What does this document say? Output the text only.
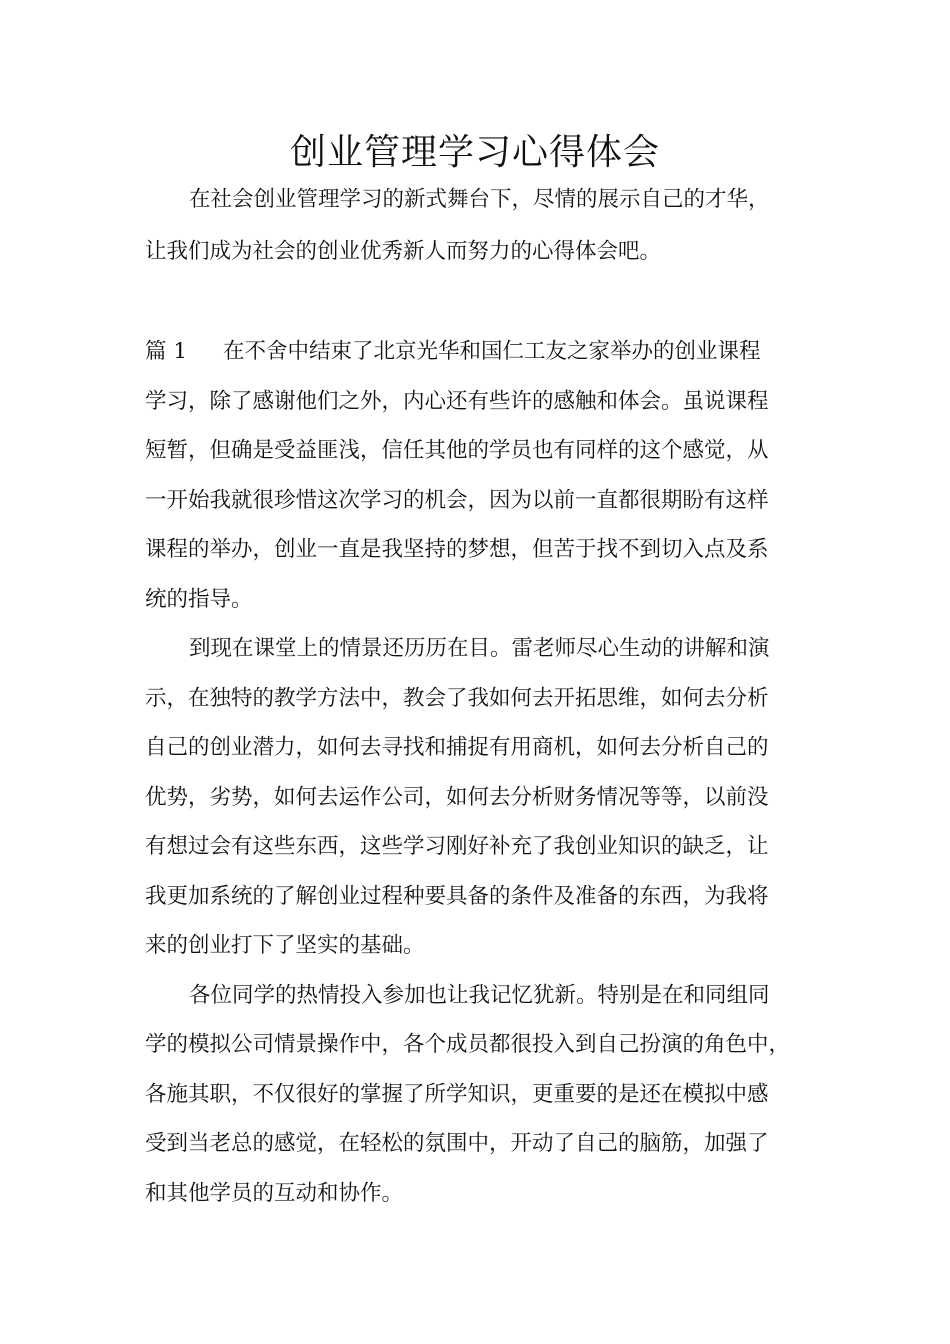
创业管理学习心得体会

在社会创业管理学习的新式舞台下，尽情的展示自己的才华，

让我们成为社会的创业优秀新人而努力的心得体会吧。

篇 1 在不舍中结束了北京光华和国仁工友之家举办的创业课程

学习，除了感谢他们之外，内心还有些许的感触和体会。虽说课程

短暂，但确是受益匪浅，信任其他的学员也有同样的这个感觉，从

一开始我就很珍惜这次学习的机会，因为以前一直都很期盼有这样

课程的举办，创业一直是我坚持的梦想，但苦于找不到切入点及系

统的指导。

到现在课堂上的情景还历历在目。雷老师尽心生动的讲解和演

示，在独特的教学方法中，教会了我如何去开拓思维，如何去分析

自己的创业潜力，如何去寻找和捕捉有用商机，如何去分析自己的

优势，劣势，如何去运作公司，如何去分析财务情况等等，以前没

有想过会有这些东西，这些学习刚好补充了我创业知识的缺乏，让

我更加系统的了解创业过程种要具备的条件及准备的东西，为我将

来的创业打下了坚实的基础。

各位同学的热情投入参加也让我记忆犹新。特别是在和同组同

学的模拟公司情景操作中，各个成员都很投入到自己扮演的角色中，

各施其职，不仅很好的掌握了所学知识，更重要的是还在模拟中感

受到当老总的感觉，在轻松的氛围中，开动了自己的脑筋，加强了

和其他学员的互动和协作。
